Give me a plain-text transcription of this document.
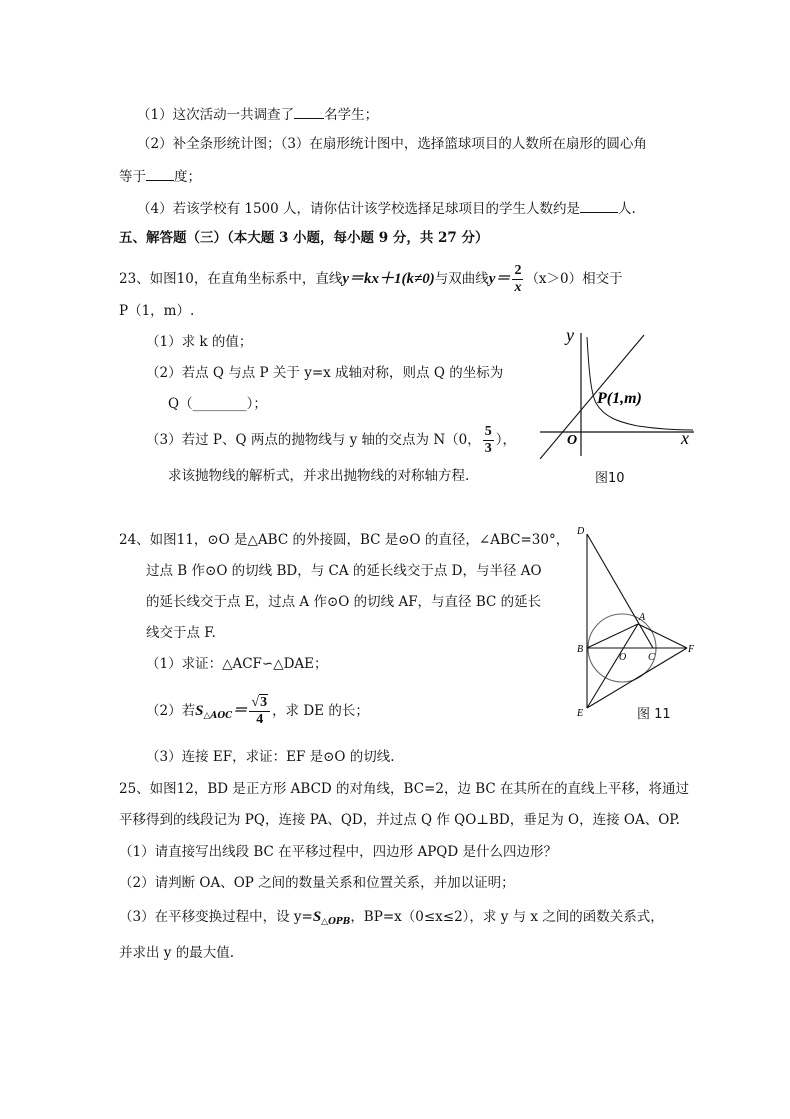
（1）这次活动一共调查了 名学生；
（2）补全条形统计图；（3）在扇形统计图中，选择篮球项目的人数所在扇形的圆心角
等于 度；
（4）若该学校有 1500 人，请你估计该学校选择足球项目的学生人数约是	人.
五、解答题（三）（本大题 3 小题，每小题 9 分，共 27 分）
23、如图10，在直角坐标系中，直线y＝kx＋1(k≠0)与双曲线$y= \frac{2}{x} (x>0)$相交于
P（1，m）.
（1）求 k 的值；
（2）若点 Q 与点 P 关于 y=x 成轴对称，则点 Q 的坐标为
Q（________）；
（3）若过 P、Q 两点的抛物线与 y 轴的交点为 N（0， $\frac{5}{3}$ ），
求该抛物线的解析式，并求出抛物线的对称轴方程.
y
x
O
P(1,m)
图10
24、如图11，⊙O 是△ABC 的外接圆，BC 是⊙O 的直径，∠ABC=30°，
过点 B 作⊙O 的切线 BD，与 CA 的延长线交于点 D，与半径 AO
的延长线交于点 E，过点 A 作⊙O 的切线 AF，与直径 BC 的延长
线交于点 F.
（1）求证：△ACF∽△DAE；
（2）若$S_{\triangle AOC}= \frac{√3}{4}$ ，求 DE 的长；
（3）连接 EF，求证：EF 是⊙O 的切线.
D
A
B
O C
F
E	图 11
25、如图12，BD 是正方形 ABCD 的对角线，BC=2，边 BC 在其所在的直线上平移，将通过
平移得到的线段记为 PQ，连接 PA、QD，并过点 Q 作 QO⊥BD，垂足为 O，连接 OA、OP.
（1）请直接写出线段 BC 在平移过程中，四边形 APQD 是什么四边形？
（2）请判断 OA、OP 之间的数量关系和位置关系，并加以证明；
（3）在平移变换过程中，设 $y=S_{\triangle OPB}$，BP=x（0≤x≤2），求 y 与 x 之间的函数关系式，
并求出 y 的最大值.
